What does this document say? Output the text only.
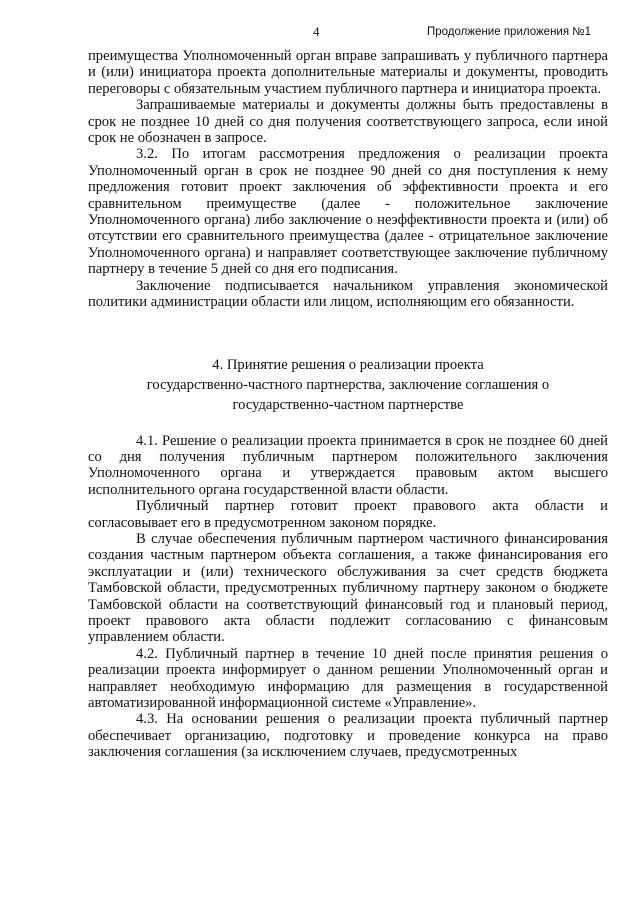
4	Продолжение приложения №1

преимущества Уполномоченный орган вправе запрашивать у публичного партнера и (или) инициатора проекта дополнительные материалы и документы, проводить переговоры с обязательным участием публичного партнера и инициатора проекта.

Запрашиваемые материалы и документы должны быть предоставлены в срок не позднее 10 дней со дня получения соответствующего запроса, если иной срок не обозначен в запросе.

3.2. По итогам рассмотрения предложения о реализации проекта Уполномоченный орган в срок не позднее 90 дней со дня поступления к нему предложения готовит проект заключения об эффективности проекта и его сравнительном преимуществе (далее - положительное заключение Уполномоченного органа) либо заключение о неэффективности проекта и (или) об отсутствии его сравнительного преимущества (далее - отрицательное заключение Уполномоченного органа) и направляет соответствующее заключение публичному партнеру в течение 5 дней со дня его подписания.

Заключение подписывается начальником управления экономической политики администрации области или лицом, исполняющим его обязанности.

4. Принятие решения о реализации проекта
государственно-частного партнерства, заключение соглашения о
государственно-частном партнерстве

4.1. Решение о реализации проекта принимается в срок не позднее 60 дней со дня получения публичным партнером положительного заключения Уполномоченного органа и утверждается правовым актом высшего исполнительного органа государственной власти области.

Публичный партнер готовит проект правового акта области и согласовывает его в предусмотренном законом порядке.

В случае обеспечения публичным партнером частичного финансирования создания частным партнером объекта соглашения, а также финансирования его эксплуатации и (или) технического обслуживания за счет средств бюджета Тамбовской области, предусмотренных публичному партнеру законом о бюджете Тамбовской области на соответствующий финансовый год и плановый период, проект правового акта области подлежит согласованию с финансовым управлением области.

4.2. Публичный партнер в течение 10 дней после принятия решения о реализации проекта информирует о данном решении Уполномоченный орган и направляет необходимую информацию для размещения в государственной автоматизированной информационной системе «Управление».

4.3. На основании решения о реализации проекта публичный партнер обеспечивает организацию, подготовку и проведение конкурса на право заключения соглашения (за исключением случаев, предусмотренных
